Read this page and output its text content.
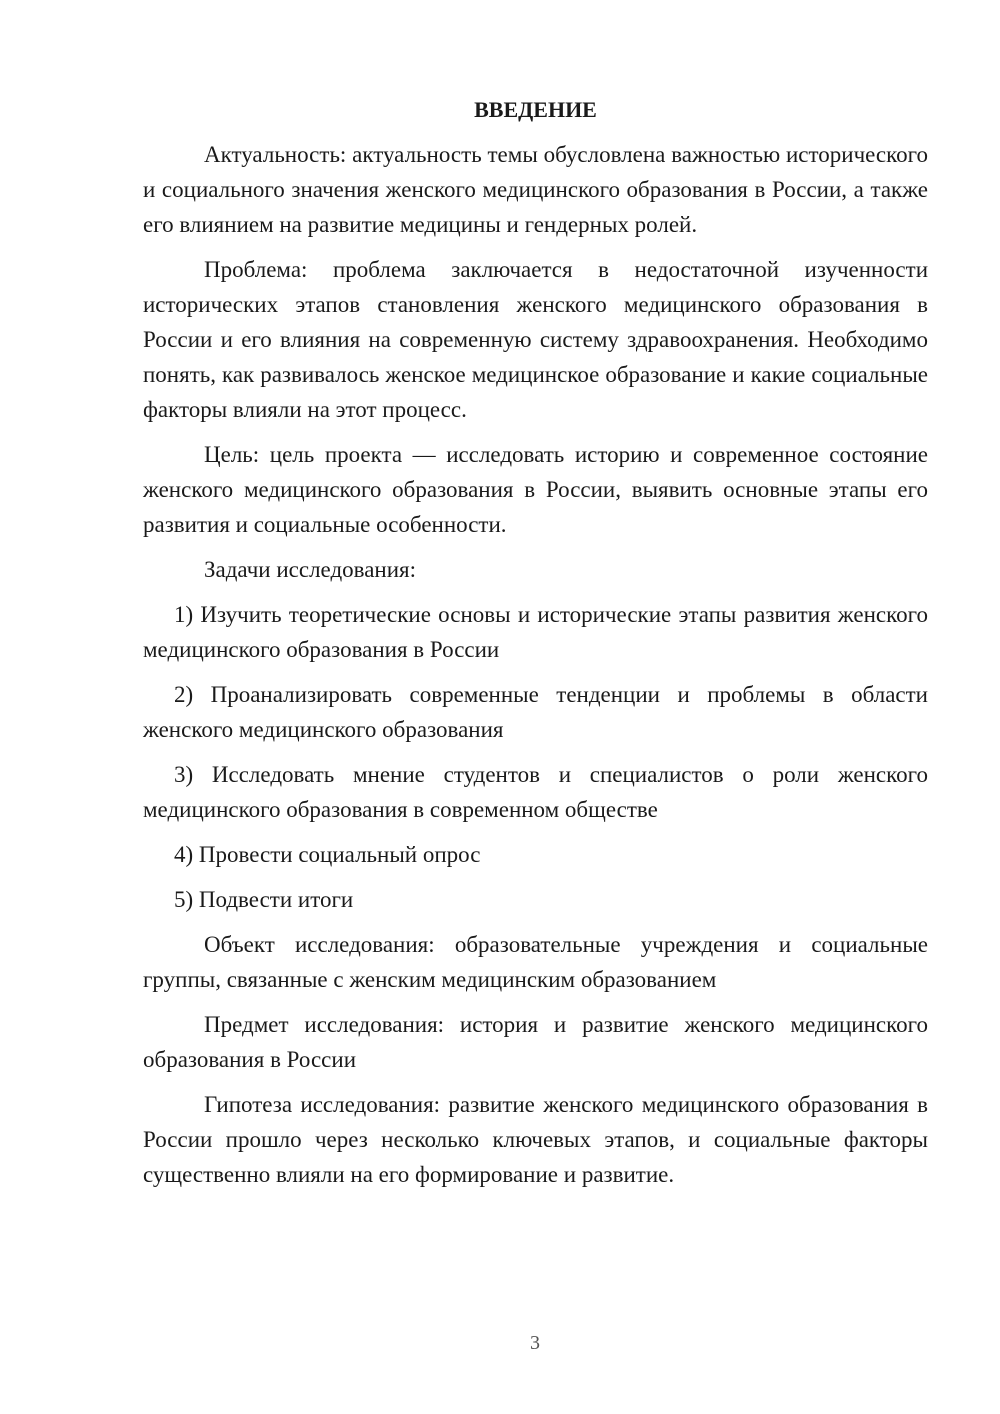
ВВЕДЕНИЕ

Актуальность: актуальность темы обусловлена важностью исторического и социального значения женского медицинского образования в России, а также его влиянием на развитие медицины и гендерных ролей.

Проблема: проблема заключается в недостаточной изученности исторических этапов становления женского медицинского образования в России и его влияния на современную систему здравоохранения. Необходимо понять, как развивалось женское медицинское образование и какие социальные факторы влияли на этот процесс.

Цель: цель проекта — исследовать историю и современное состояние женского медицинского образования в России, выявить основные этапы его развития и социальные особенности.

Задачи исследования:

1) Изучить теоретические основы и исторические этапы развития женского медицинского образования в России

2) Проанализировать современные тенденции и проблемы в области женского медицинского образования

3) Исследовать мнение студентов и специалистов о роли женского медицинского образования в современном обществе

4) Провести социальный опрос

5) Подвести итоги

Объект исследования: образовательные учреждения и социальные группы, связанные с женским медицинским образованием

Предмет исследования: история и развитие женского медицинского образования в России

Гипотеза исследования: развитие женского медицинского образования в России прошло через несколько ключевых этапов, и социальные факторы существенно влияли на его формирование и развитие.

3
